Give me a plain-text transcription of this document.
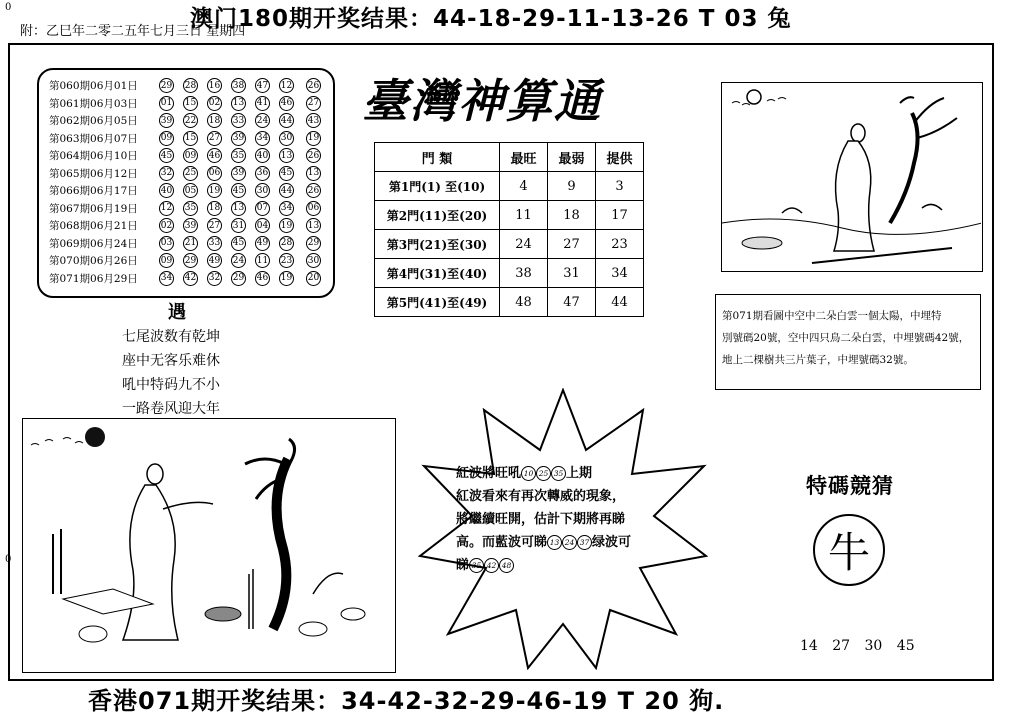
澳门180期开奖结果：44-18-29-11-13-26 T 03 兔
0
0
附：乙巳年二零二五年七月三日 星期四
第060期06月01日	29 28 16 38 47 12 26
第061期06月03日	01 15 02 13 41 46 27
第062期06月05日	39 22 18 33 24 44 43
第063期06月07日	09 15 27 39 34 30 19
第064期06月10日	45 09 46 35 40 13 26
第065期06月12日	32 25 06 39 36 45 13
第066期06月17日	40 05 19 45 30 44 26
第067期06月19日	12 35 18 13 07 34 06
第068期06月21日	02 39 27 31 04 19 13
第069期06月24日	03 21 33 45 49 28 29
第070期06月26日	09 29 49 24 11 23 30
第071期06月29日	34 42 32 29 46 19 20
臺灣神算通
門 類	最旺	最弱	提供
第1門(1) 至(10)	4	9	3
第2門(11)至(20)	11	18	17
第3門(21)至(30)	24	27	23
第4門(31)至(40)	38	31	34
第5門(41)至(49)	48	47	44
遇
七尾波数有乾坤
座中无客乐难休
吼中特码九不小
一路卷风迎大年
第071期看圖中空中二朵白雲一個太陽，中埋特
別號碼20號，空中四只鳥二朵白雲，中埋號碼42號，
地上二棵樹共三片葉子，中埋號碼32號。
紅波將旺吼 10 25 35 上期
紅波看來有再次轉威的現象，
將繼續旺開，估計下期將再睇
高。而藍波可睇 13 24 37 绿波可
睇 35 42 48
特碼競猜
牛
14 27 30 45
香港071期开奖结果：34-42-32-29-46-19 T 20 狗.
